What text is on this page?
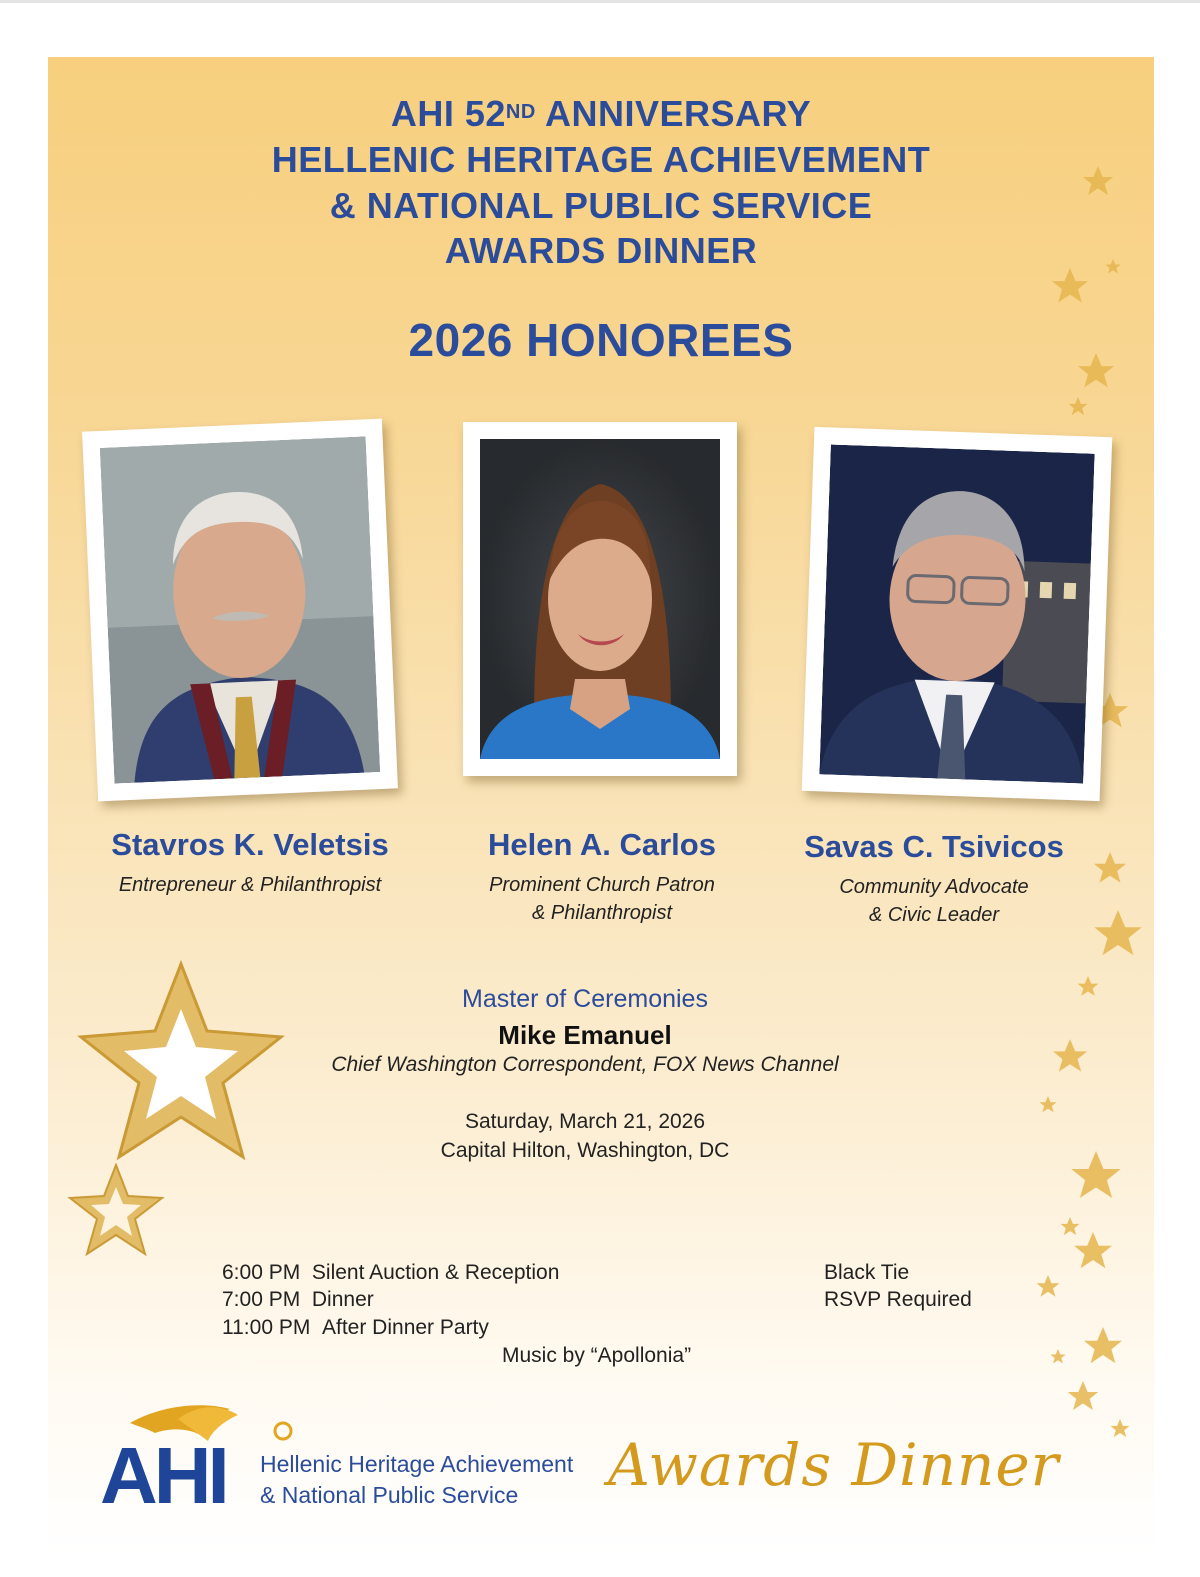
AHI 52ND ANNIVERSARY
HELLENIC HERITAGE ACHIEVEMENT
& NATIONAL PUBLIC SERVICE
AWARDS DINNER
2026 HONOREES
Stavros K. Veletsis
Entrepreneur & Philanthropist
Helen A. Carlos
Prominent Church Patron
& Philanthropist
Savas C. Tsivicos
Community Advocate
& Civic Leader
Master of Ceremonies
Mike Emanuel
Chief Washington Correspondent, FOX News Channel
Saturday, March 21, 2026
Capital Hilton, Washington, DC
6:00 PM Silent Auction & Reception
7:00 PM Dinner
11:00 PM After Dinner Party
Music by “Apollonia”
Black Tie
RSVP Required
AHI Hellenic Heritage Achievement
& National Public Service Awards Dinner
